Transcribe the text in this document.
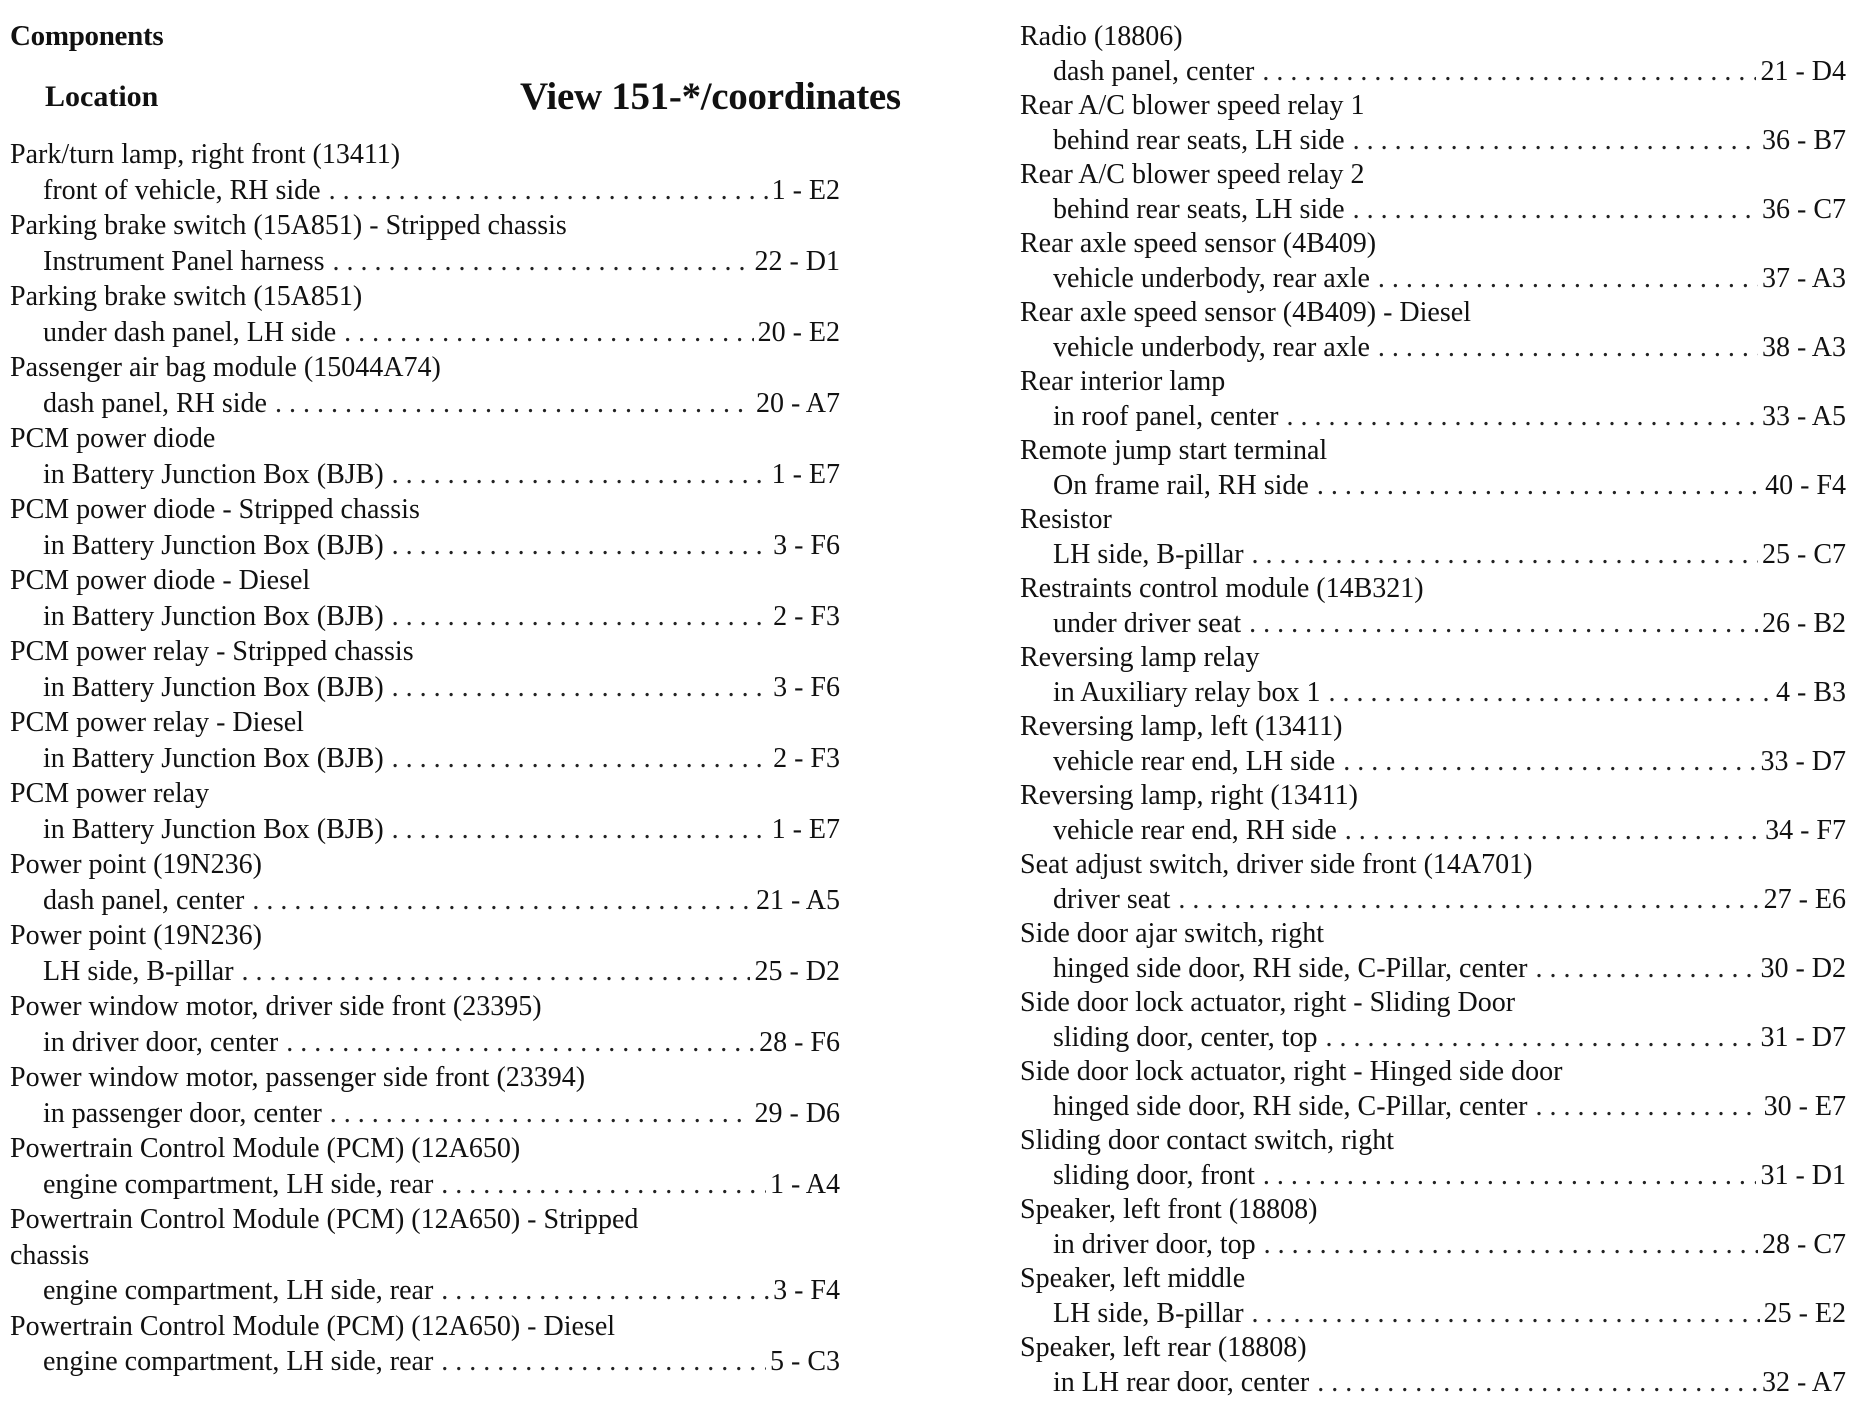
Components
Location	View 151-*/coordinates
Park/turn lamp, right front (13411)
front of vehicle, RH side . . .	1 - E2
Parking brake switch (15A851) - Stripped chassis
Instrument Panel harness . . .	22 - D1
Parking brake switch (15A851)
under dash panel, LH side . . .	20 - E2
Passenger air bag module (15044A74)
dash panel, RH side . . .	20 - A7
PCM power diode
in Battery Junction Box (BJB) . . .	1 - E7
PCM power diode - Stripped chassis
in Battery Junction Box (BJB) . . .	3 - F6
PCM power diode - Diesel
in Battery Junction Box (BJB) . . .	2 - F3
PCM power relay - Stripped chassis
in Battery Junction Box (BJB) . . .	3 - F6
PCM power relay - Diesel
in Battery Junction Box (BJB) . . .	2 - F3
PCM power relay
in Battery Junction Box (BJB) . . .	1 - E7
Power point (19N236)
dash panel, center . . .	21 - A5
Power point (19N236)
LH side, B-pillar . . .	25 - D2
Power window motor, driver side front (23395)
in driver door, center . . .	28 - F6
Power window motor, passenger side front (23394)
in passenger door, center . . .	29 - D6
Powertrain Control Module (PCM) (12A650)
engine compartment, LH side, rear . . .	1 - A4
Powertrain Control Module (PCM) (12A650) - Stripped
chassis
engine compartment, LH side, rear . . .	3 - F4
Powertrain Control Module (PCM) (12A650) - Diesel
engine compartment, LH side, rear . . .	5 - C3
Radio (18806)
dash panel, center . . .	21 - D4
Rear A/C blower speed relay 1
behind rear seats, LH side . . .	36 - B7
Rear A/C blower speed relay 2
behind rear seats, LH side . . .	36 - C7
Rear axle speed sensor (4B409)
vehicle underbody, rear axle . . .	37 - A3
Rear axle speed sensor (4B409) - Diesel
vehicle underbody, rear axle . . .	38 - A3
Rear interior lamp
in roof panel, center . . .	33 - A5
Remote jump start terminal
On frame rail, RH side . . .	40 - F4
Resistor
LH side, B-pillar . . .	25 - C7
Restraints control module (14B321)
under driver seat . . .	26 - B2
Reversing lamp relay
in Auxiliary relay box 1 . . .	4 - B3
Reversing lamp, left (13411)
vehicle rear end, LH side . . .	33 - D7
Reversing lamp, right (13411)
vehicle rear end, RH side . . .	34 - F7
Seat adjust switch, driver side front (14A701)
driver seat . . .	27 - E6
Side door ajar switch, right
hinged side door, RH side, C-Pillar, center . . .	30 - D2
Side door lock actuator, right - Sliding Door
sliding door, center, top . . .	31 - D7
Side door lock actuator, right - Hinged side door
hinged side door, RH side, C-Pillar, center . . .	30 - E7
Sliding door contact switch, right
sliding door, front . . .	31 - D1
Speaker, left front (18808)
in driver door, top . . .	28 - C7
Speaker, left middle
LH side, B-pillar . . .	25 - E2
Speaker, left rear (18808)
in LH rear door, center . . .	32 - A7
